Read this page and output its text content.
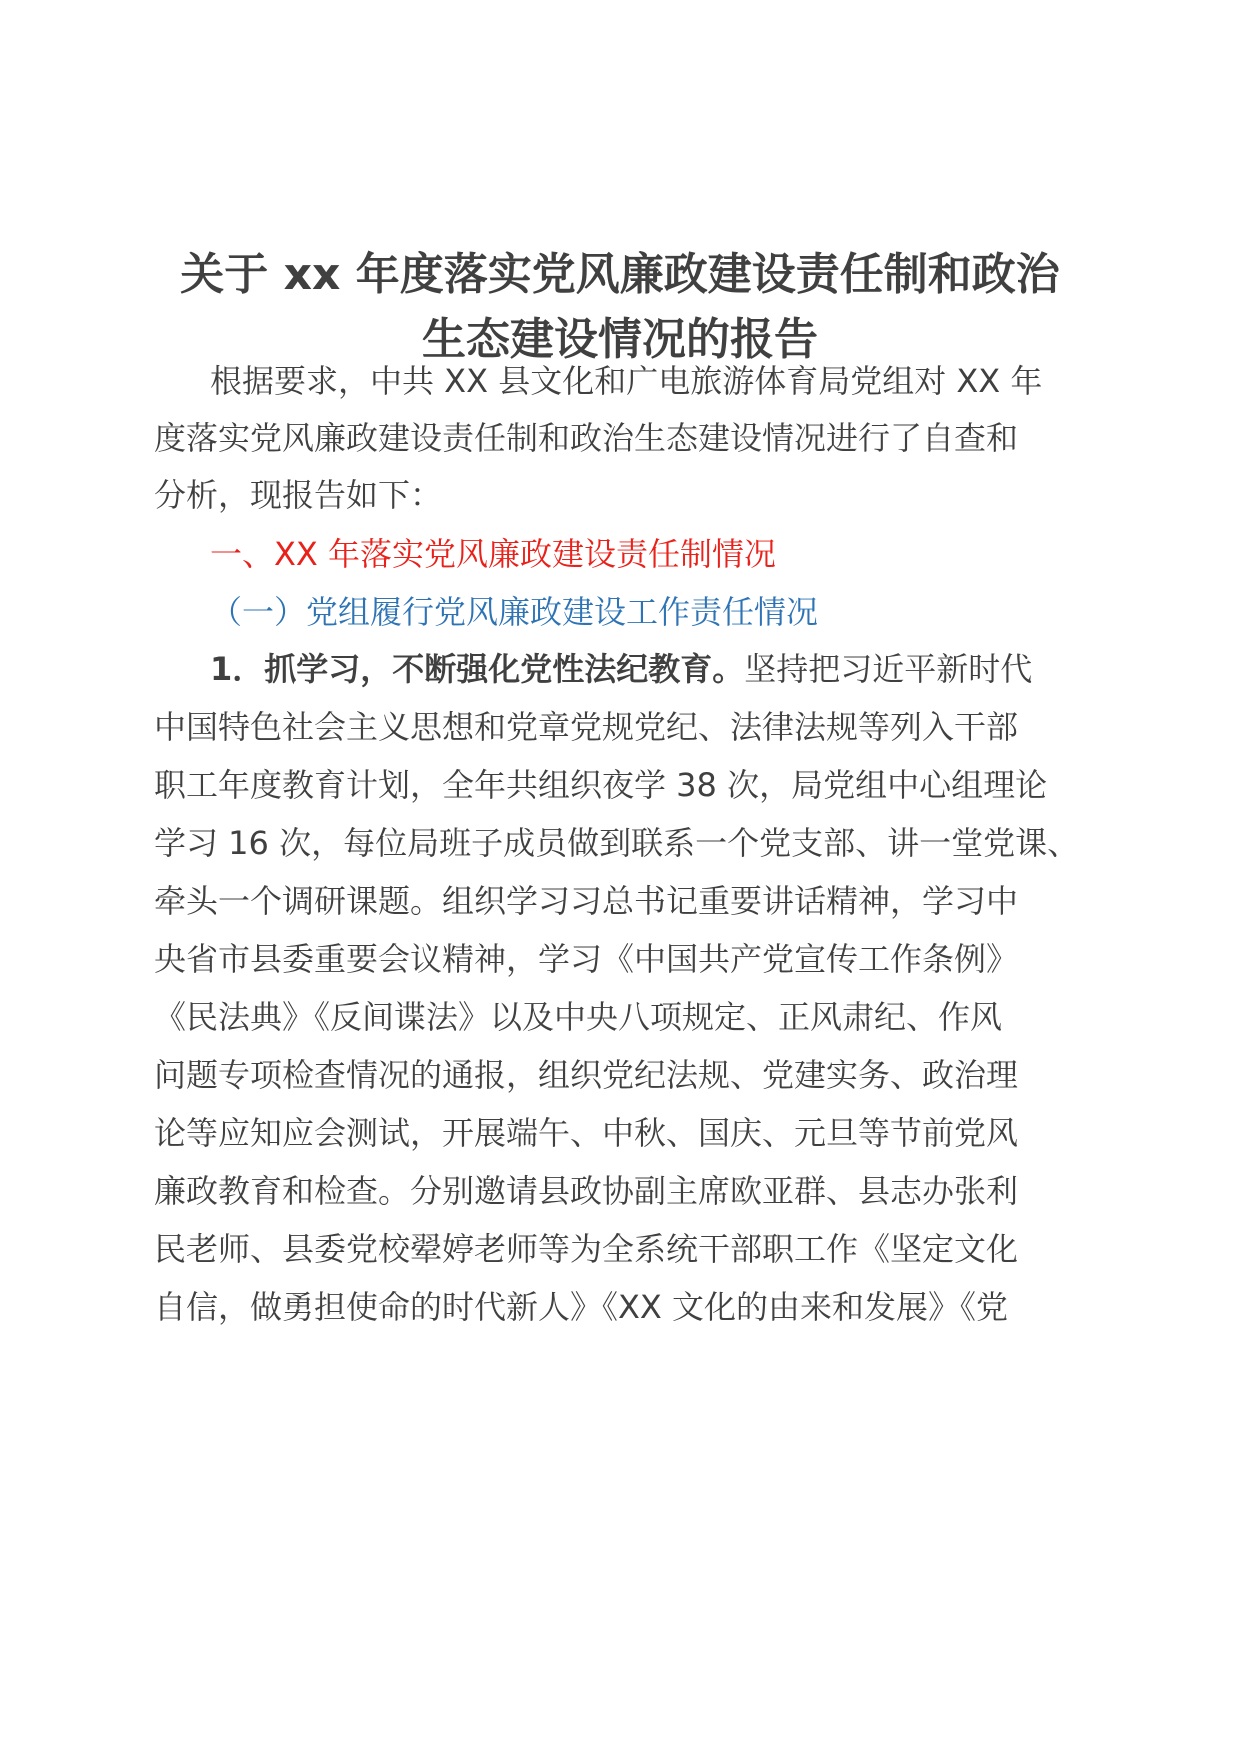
关于 xx 年度落实党风廉政建设责任制和政治
生态建设情况的报告

根据要求，中共 XX 县文化和广电旅游体育局党组对 XX 年

度落实党风廉政建设责任制和政治生态建设情况进行了自查和

分析，现报告如下：

一、XX 年落实党风廉政建设责任制情况

（一）党组履行党风廉政建设工作责任情况

1．抓学习，不断强化党性法纪教育。坚持把习近平新时代

中国特色社会主义思想和党章党规党纪、法律法规等列入干部

职工年度教育计划，全年共组织夜学 38 次，局党组中心组理论

学习 16 次，每位局班子成员做到联系一个党支部、讲一堂党课、

牵头一个调研课题。组织学习习总书记重要讲话精神，学习中

央省市县委重要会议精神，学习《中国共产党宣传工作条例》

《民法典》《反间谍法》以及中央八项规定、正风肃纪、作风

问题专项检查情况的通报，组织党纪法规、党建实务、政治理

论等应知应会测试，开展端午、中秋、国庆、元旦等节前党风

廉政教育和检查。分别邀请县政协副主席欧亚群、县志办张利

民老师、县委党校翚婷老师等为全系统干部职工作《坚定文化

自信，做勇担使命的时代新人》《XX 文化的由来和发展》《党
